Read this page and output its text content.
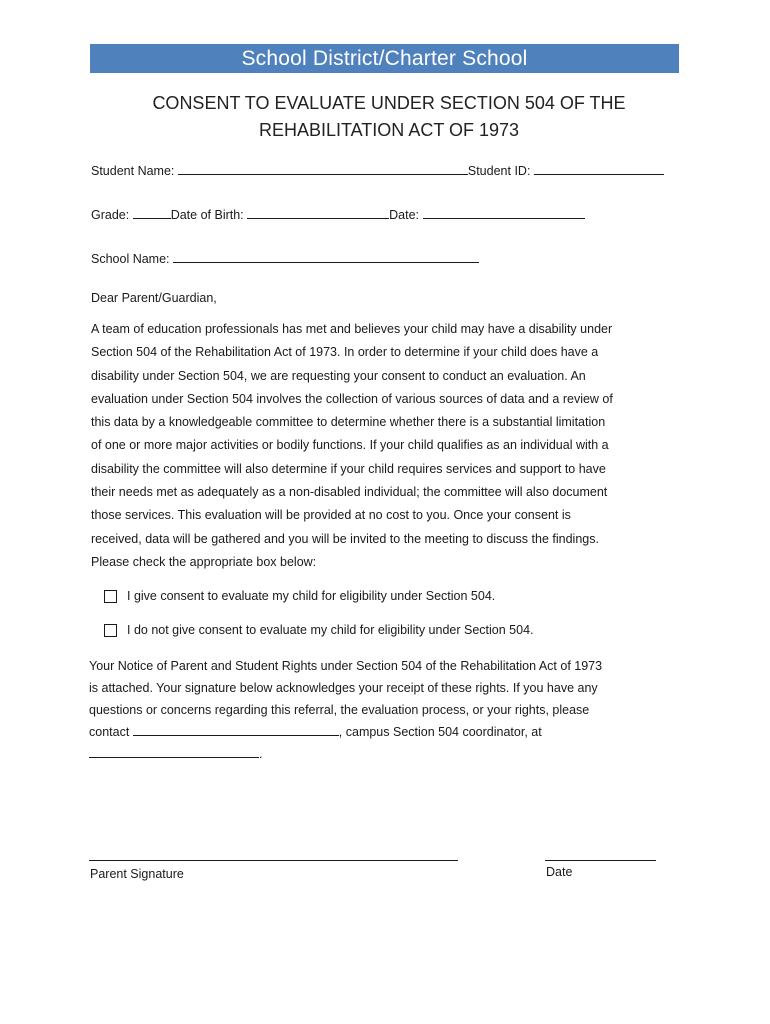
School District/Charter School
CONSENT TO EVALUATE UNDER SECTION 504 OF THE
REHABILITATION ACT OF 1973
Student Name:	Student ID:
Grade:	Date of Birth:	Date:
School Name:
Dear Parent/Guardian,
A team of education professionals has met and believes your child may have a disability under
Section 504 of the Rehabilitation Act of 1973. In order to determine if your child does have a
disability under Section 504, we are requesting your consent to conduct an evaluation. An
evaluation under Section 504 involves the collection of various sources of data and a review of
this data by a knowledgeable committee to determine whether there is a substantial limitation
of one or more major activities or bodily functions. If your child qualifies as an individual with a
disability the committee will also determine if your child requires services and support to have
their needs met as adequately as a non-disabled individual; the committee will also document
those services. This evaluation will be provided at no cost to you. Once your consent is
received, data will be gathered and you will be invited to the meeting to discuss the findings.
Please check the appropriate box below:
I give consent to evaluate my child for eligibility under Section 504.
I do not give consent to evaluate my child for eligibility under Section 504.
Your Notice of Parent and Student Rights under Section 504 of the Rehabilitation Act of 1973
is attached. Your signature below acknowledges your receipt of these rights. If you have any
questions or concerns regarding this referral, the evaluation process, or your rights, please
contact	, campus Section 504 coordinator, at
.
Parent Signature	Date
